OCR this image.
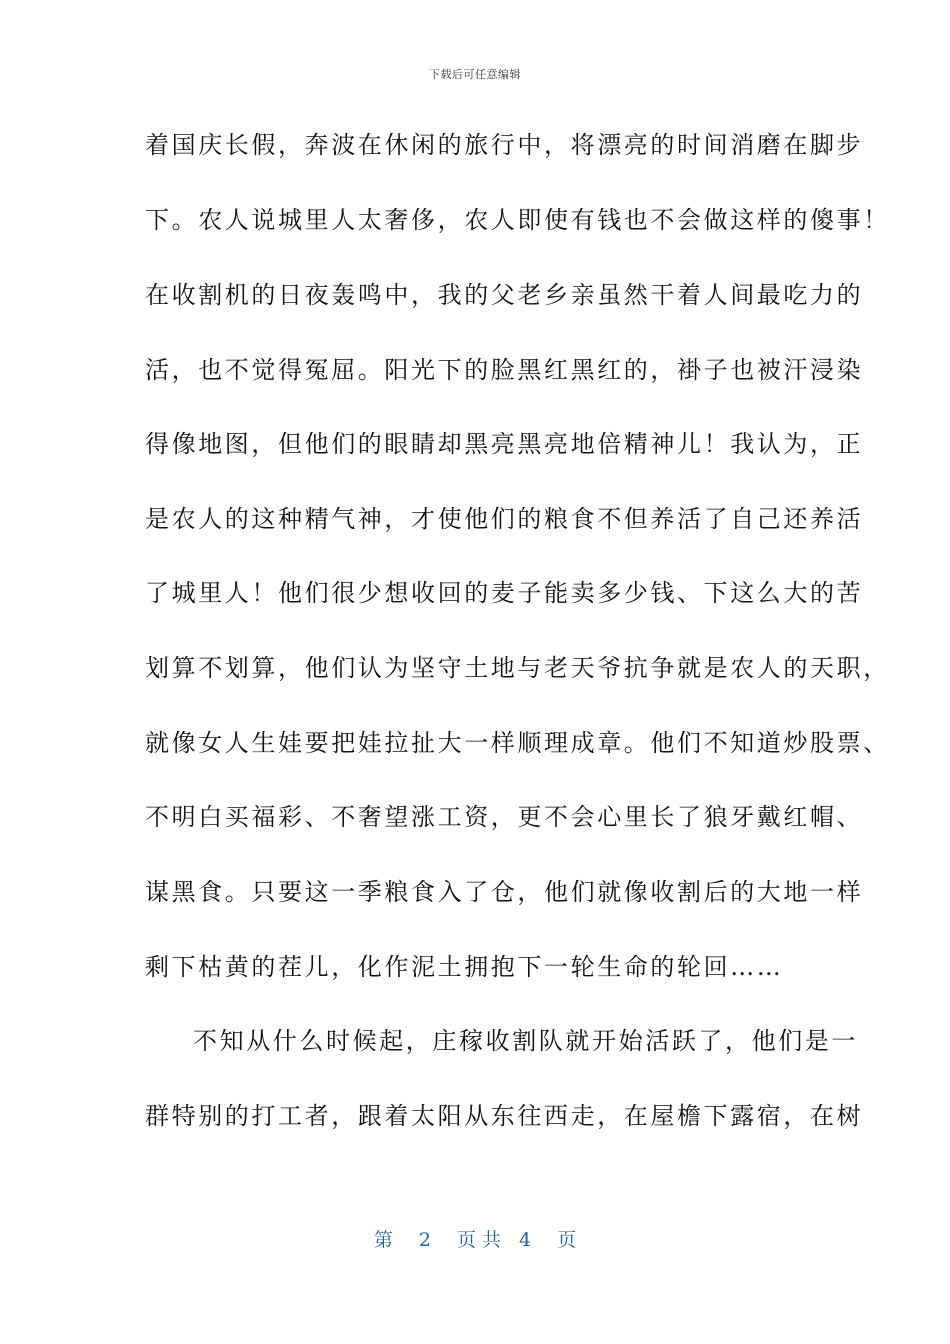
下载后可任意编辑
着国庆长假，奔波在休闲的旅行中，将漂亮的时间消磨在脚步
下。农人说城里人太奢侈，农人即使有钱也不会做这样的傻事！
在收割机的日夜轰鸣中，我的父老乡亲虽然干着人间最吃力的
活，也不觉得冤屈。阳光下的脸黑红黑红的，褂子也被汗浸染
得像地图，但他们的眼睛却黑亮黑亮地倍精神儿！我认为，正
是农人的这种精气神，才使他们的粮食不但养活了自己还养活
了城里人！他们很少想收回的麦子能卖多少钱、下这么大的苦
划算不划算，他们认为坚守土地与老天爷抗争就是农人的天职，
就像女人生娃要把娃拉扯大一样顺理成章。他们不知道炒股票、
不明白买福彩、不奢望涨工资，更不会心里长了狼牙戴红帽、
谋黑食。只要这一季粮食入了仓，他们就像收割后的大地一样
剩下枯黄的茬儿，化作泥土拥抱下一轮生命的轮回……
不知从什么时候起，庄稼收割队就开始活跃了，他们是一
群特别的打工者，跟着太阳从东往西走，在屋檐下露宿，在树
第 2 页共 4 页
